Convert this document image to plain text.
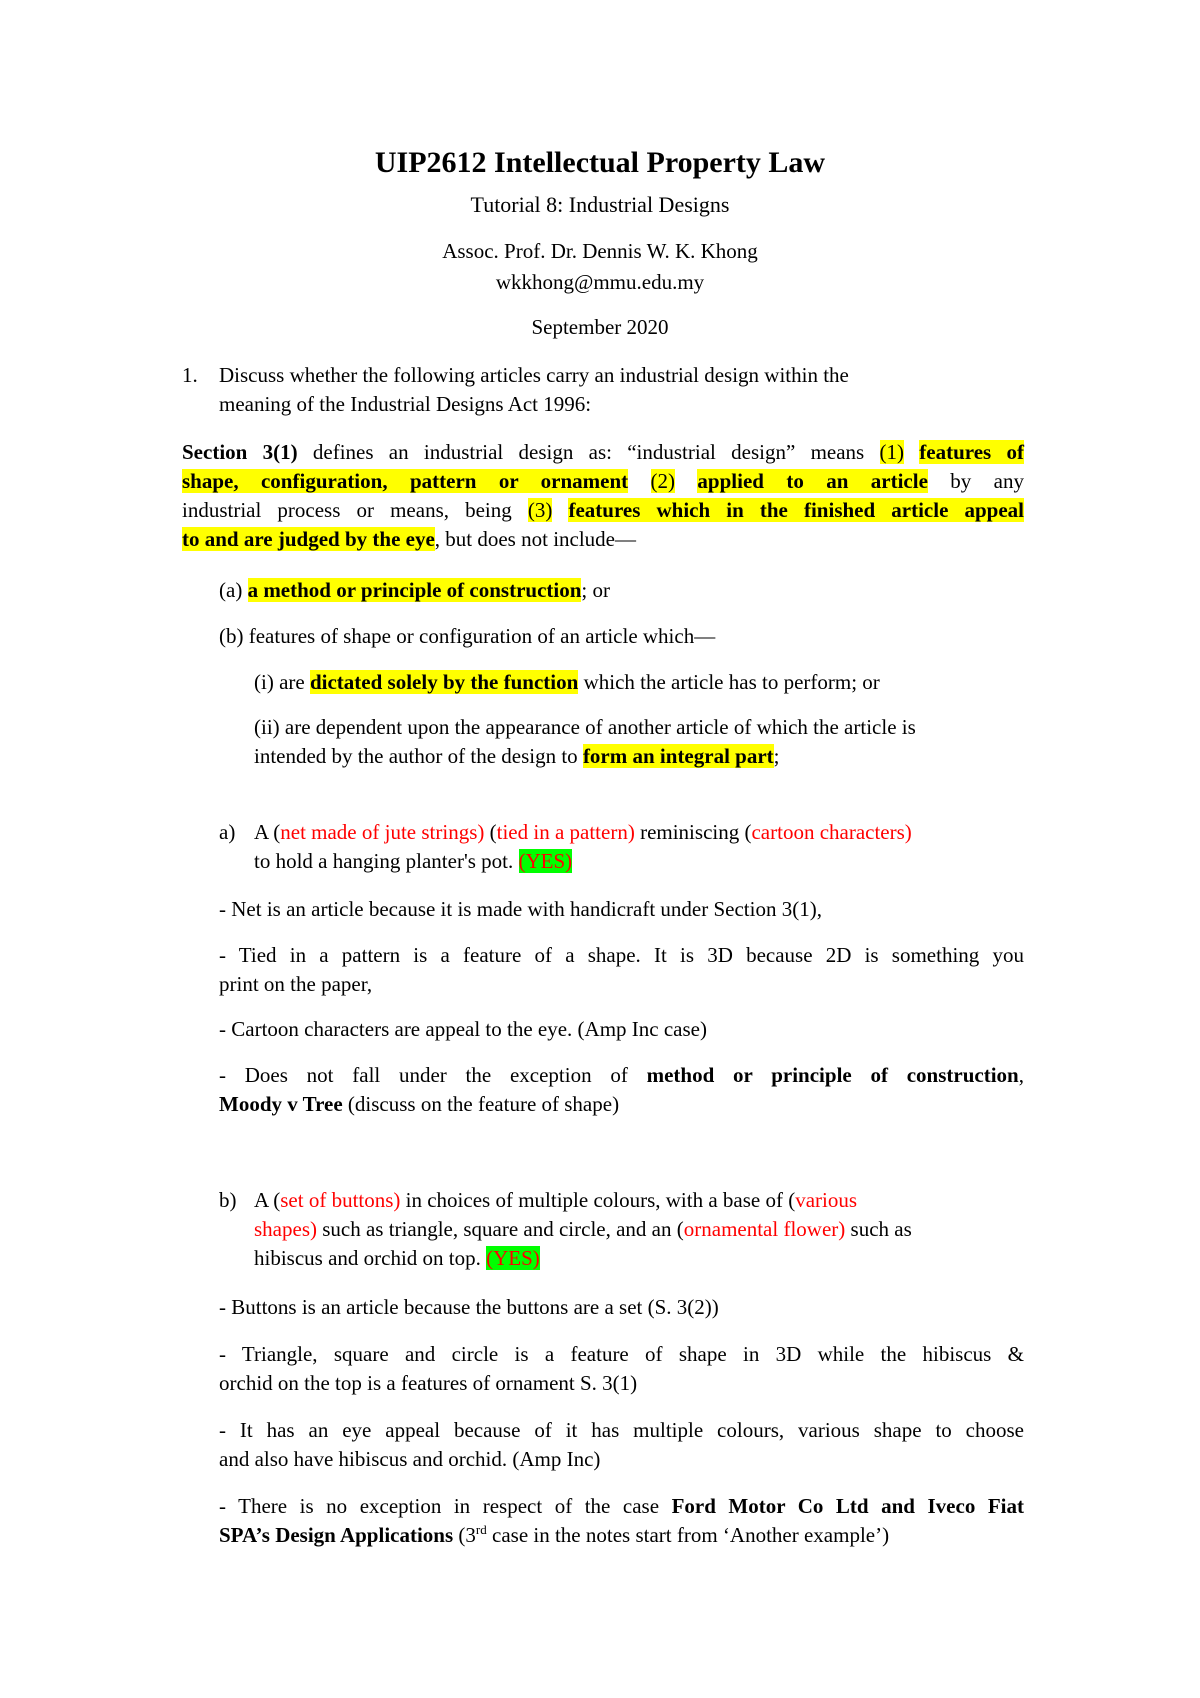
UIP2612 Intellectual Property Law
Tutorial 8: Industrial Designs
Assoc. Prof. Dr. Dennis W. K. Khong
wkkhong@mmu.edu.my
September 2020
1. Discuss whether the following articles carry an industrial design within the
meaning of the Industrial Designs Act 1996:
Section 3(1) defines an industrial design as: “industrial design” means (1) features of
shape, configuration, pattern or ornament (2) applied to an article by any
industrial process or means, being (3) features which in the finished article appeal
to and are judged by the eye, but does not include—
(a) a method or principle of construction; or
(b) features of shape or configuration of an article which—
(i) are dictated solely by the function which the article has to perform; or
(ii) are dependent upon the appearance of another article of which the article is
intended by the author of the design to form an integral part;
a) A (net made of jute strings) (tied in a pattern) reminiscing (cartoon characters)
to hold a hanging planter's pot. (YES)
- Net is an article because it is made with handicraft under Section 3(1),
- Tied in a pattern is a feature of a shape. It is 3D because 2D is something you
print on the paper,
- Cartoon characters are appeal to the eye. (Amp Inc case)
- Does not fall under the exception of method or principle of construction,
Moody v Tree (discuss on the feature of shape)
b) A (set of buttons) in choices of multiple colours, with a base of (various
shapes) such as triangle, square and circle, and an (ornamental flower) such as
hibiscus and orchid on top. (YES)
- Buttons is an article because the buttons are a set (S. 3(2))
- Triangle, square and circle is a feature of shape in 3D while the hibiscus &
orchid on the top is a features of ornament S. 3(1)
- It has an eye appeal because of it has multiple colours, various shape to choose
and also have hibiscus and orchid. (Amp Inc)
- There is no exception in respect of the case Ford Motor Co Ltd and Iveco Fiat
SPA’s Design Applications (3rd case in the notes start from ‘Another example’)
